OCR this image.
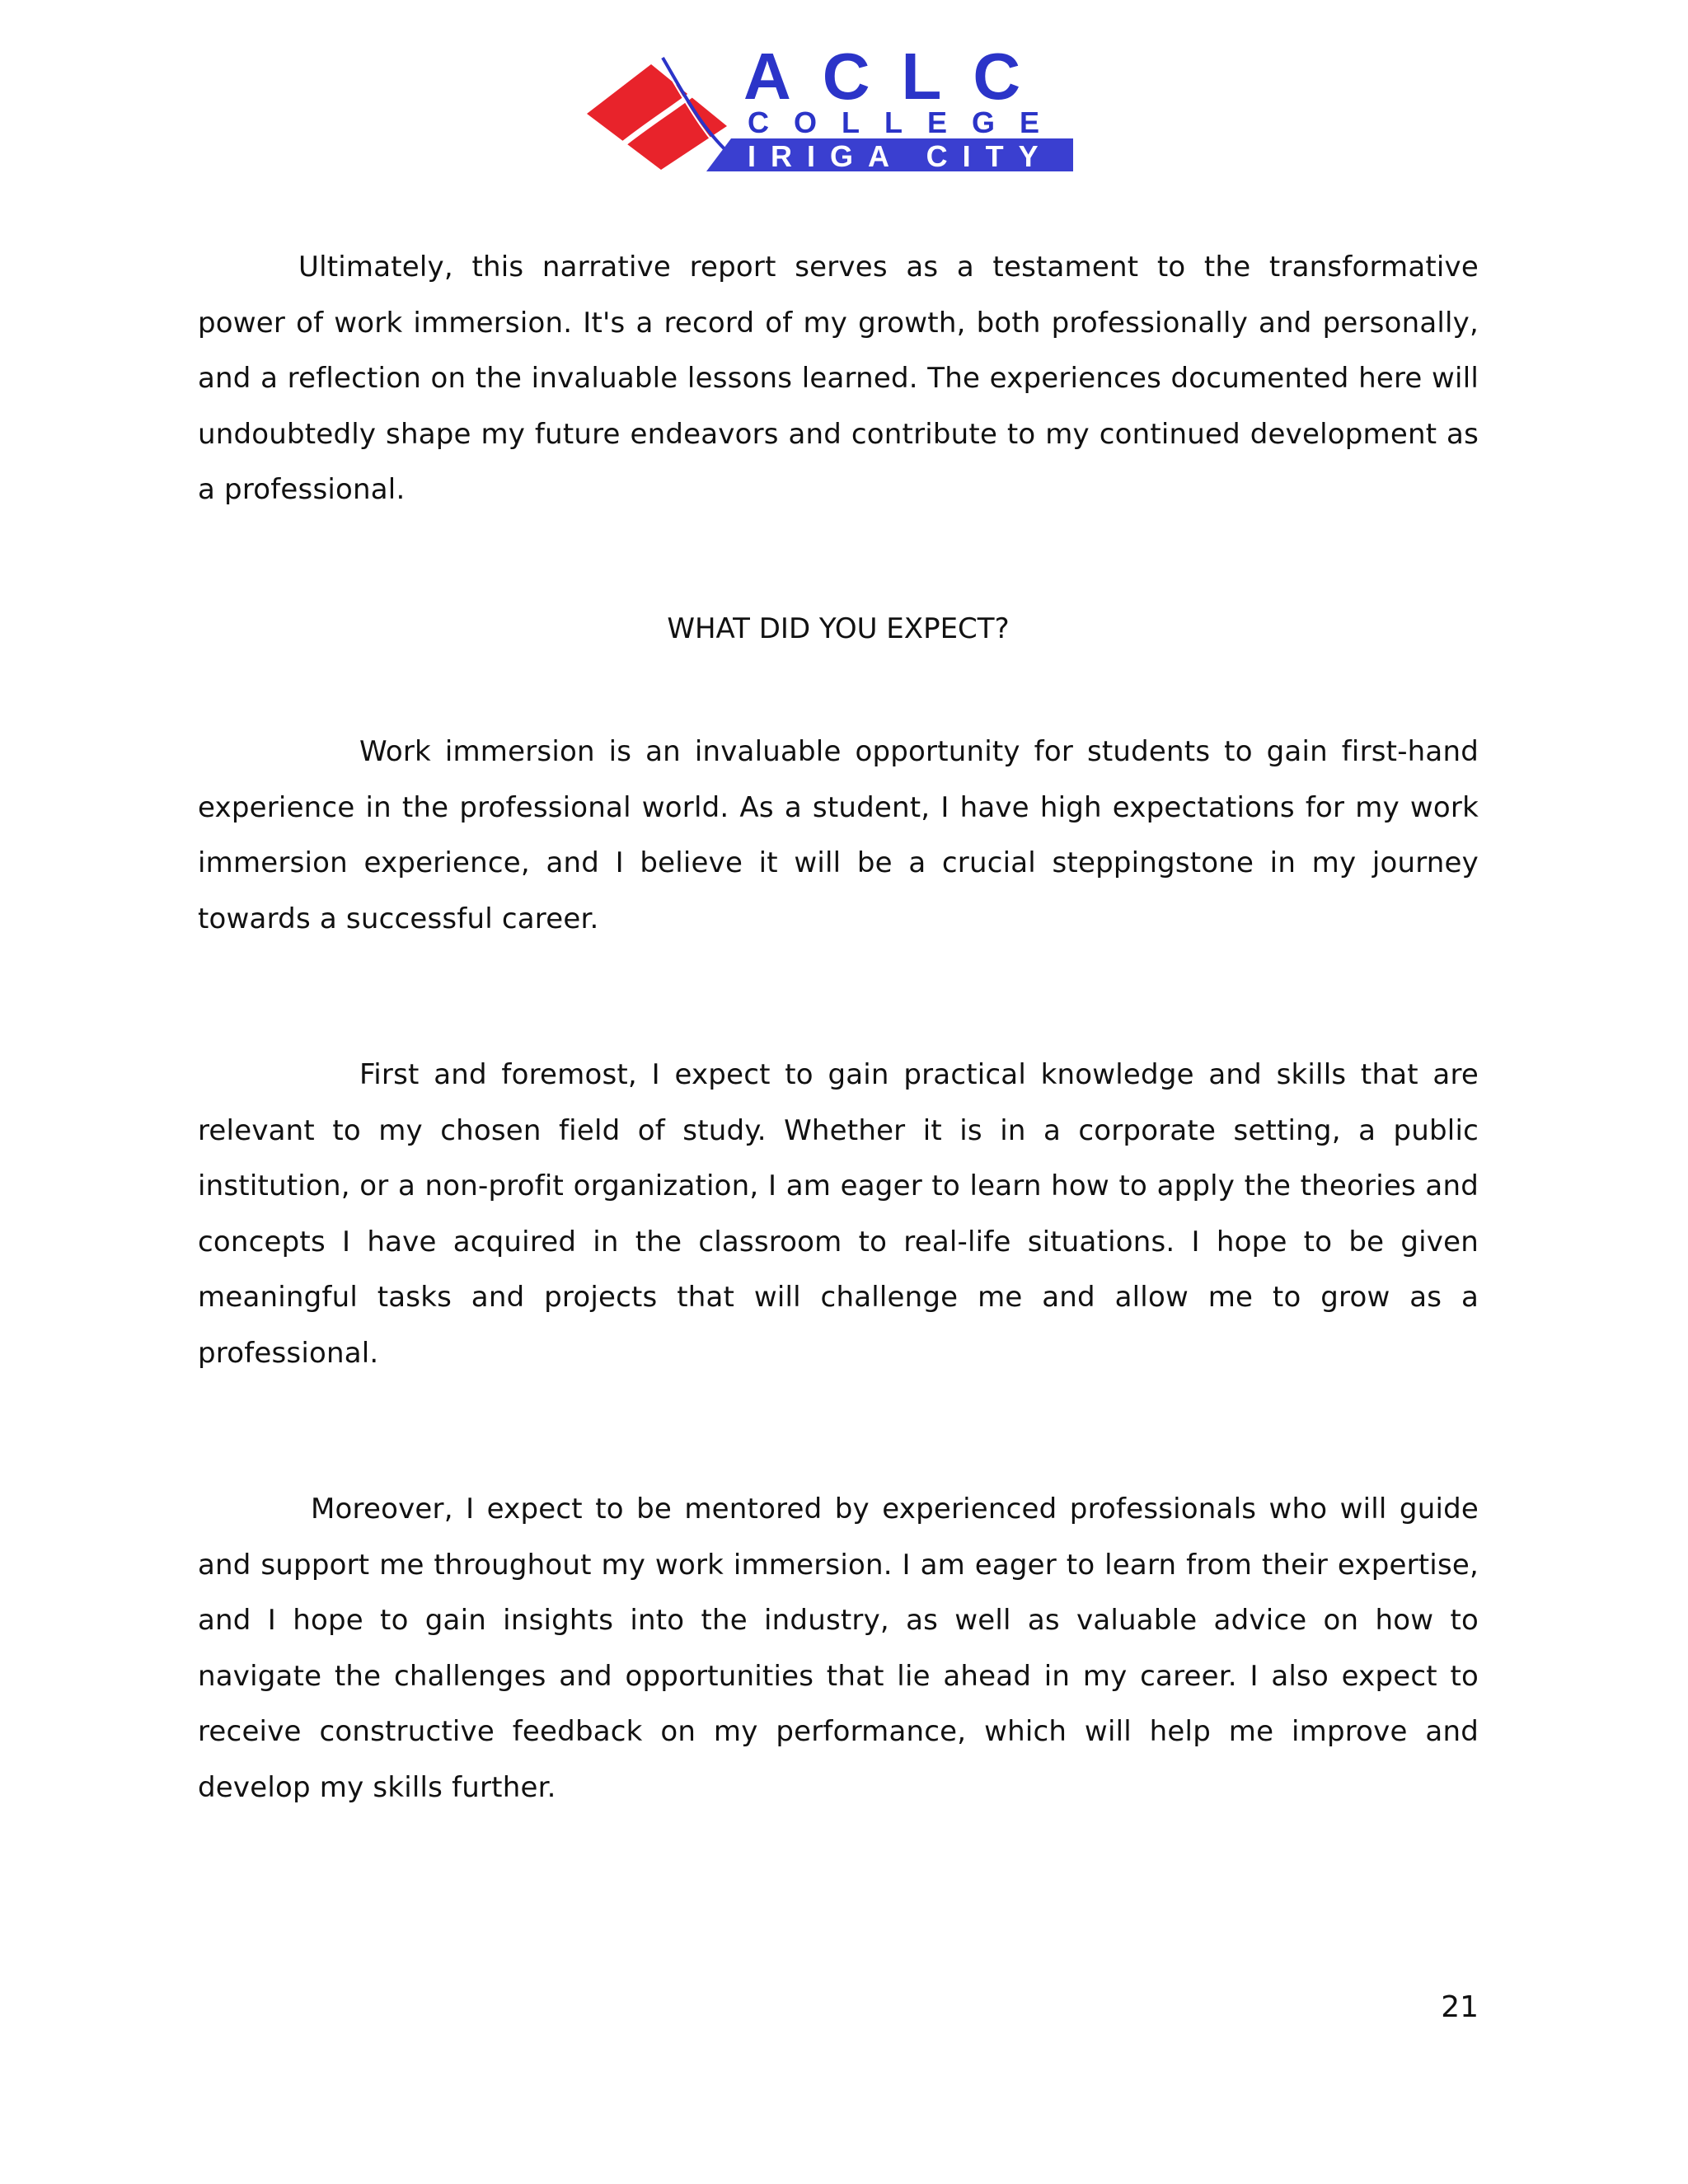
ACLC
COLLEGE
IRIGA CITY

Ultimately, this narrative report serves as a testament to the transformative power of work immersion. It's a record of my growth, both professionally and personally, and a reflection on the invaluable lessons learned. The experiences documented here will undoubtedly shape my future endeavors and contribute to my continued development as a professional.

WHAT DID YOU EXPECT?

Work immersion is an invaluable opportunity for students to gain first-hand experience in the professional world. As a student, I have high expectations for my work immersion experience, and I believe it will be a crucial steppingstone in my journey towards a successful career.

First and foremost, I expect to gain practical knowledge and skills that are relevant to my chosen field of study. Whether it is in a corporate setting, a public institution, or a non-profit organization, I am eager to learn how to apply the theories and concepts I have acquired in the classroom to real-life situations. I hope to be given meaningful tasks and projects that will challenge me and allow me to grow as a professional.

Moreover, I expect to be mentored by experienced professionals who will guide and support me throughout my work immersion. I am eager to learn from their expertise, and I hope to gain insights into the industry, as well as valuable advice on how to navigate the challenges and opportunities that lie ahead in my career. I also expect to receive constructive feedback on my performance, which will help me improve and develop my skills further.

21
